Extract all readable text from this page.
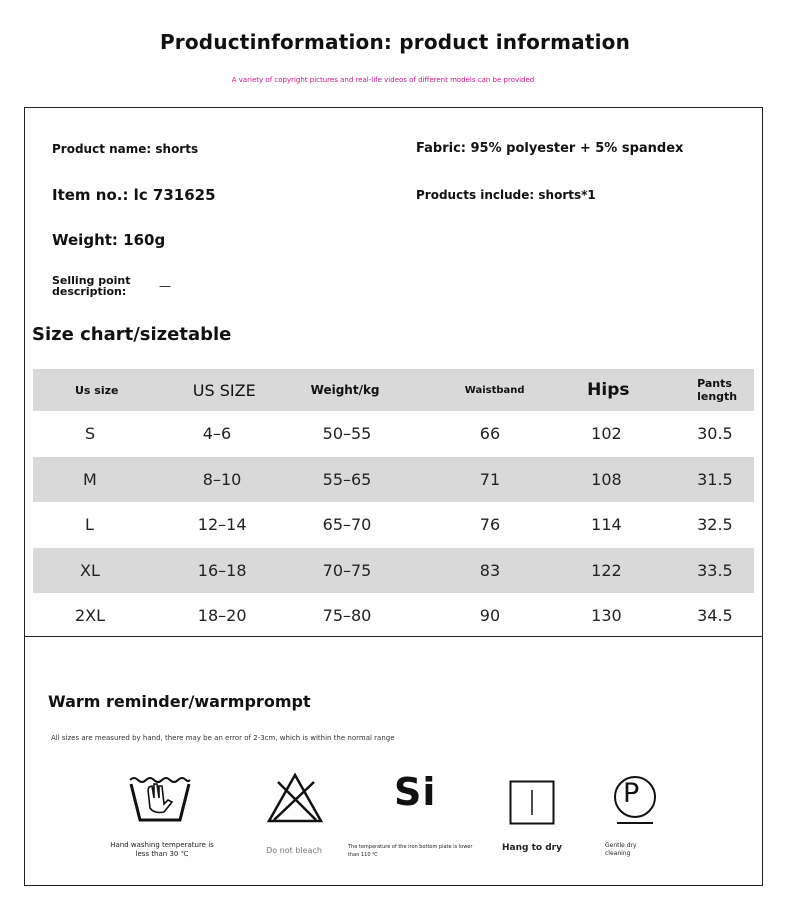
Productinformation: product information
A variety of copyright pictures and real-life videos of different models can be provided
Product name: shorts	Fabric: 95% polyester + 5% spandex
Item no.: lc 731625	Products include: shorts*1
Weight: 160g
Selling point
description:	—
Size chart/sizetable
Us size	US SIZE	Weight/kg	Waistband	Hips	Pants length
S	4–6	50–55	66	102	30.5
M	8–10	55–65	71	108	31.5
L	12–14	65–70	76	114	32.5
XL	16–18	70–75	83	122	33.5
2XL	18–20	75–80	90	130	34.5
Warm reminder/warmprompt
All sizes are measured by hand, there may be an error of 2-3cm, which is within the normal range
Hand washing temperature is less than 30 ℃	Do not bleach
Si
The temperature of the iron bottom plate is lower than 110 ℃
Hang to dry
P
Gentle dry cleaning
